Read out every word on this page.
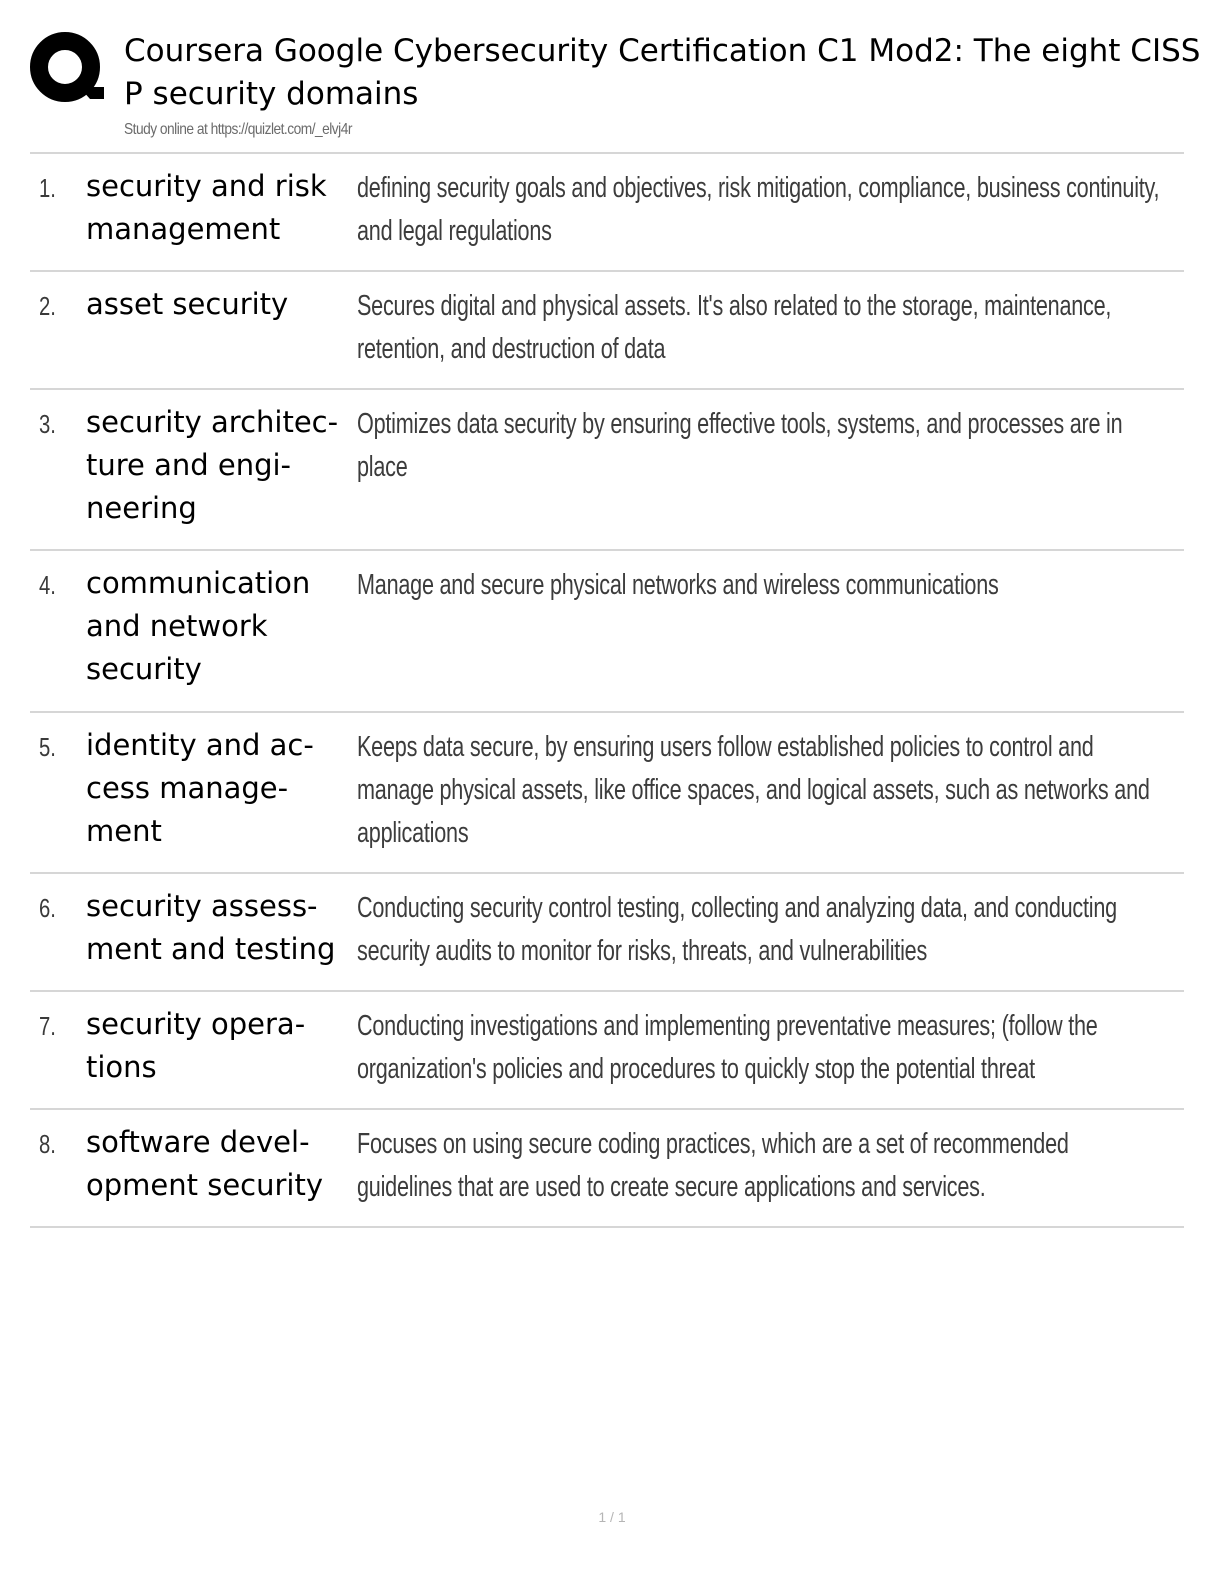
Coursera Google Cybersecurity Certification C1 Mod2: The eight CISSP security domains
Study online at https://quizlet.com/_elvj4r
1. security and risk management
defining security goals and objectives, risk mitigation, compliance, business continuity, and legal regulations
2. asset security	Secures digital and physical assets. It's also related to the storage, maintenance, retention, and destruction of data
3. security architec-
ture and engi-
neering
Optimizes data security by ensuring effective tools, systems, and processes are in place
4. communication
and network
security
Manage and secure physical networks and wireless communications
5. identity and ac-
cess manage-
ment
Keeps data secure, by ensuring users follow established policies to control and manage physical assets, like office spaces, and logical assets, such as networks and applications
6. security assess-
ment and testing
Conducting security control testing, collecting and analyzing data, and conducting security audits to monitor for risks, threats, and vulnerabilities
7. security opera-
tions
Conducting investigations and implementing preventative measures; (follow the organization's policies and procedures to quickly stop the potential threat
8. software devel-
opment security
Focuses on using secure coding practices, which are a set of recommended guidelines that are used to create secure applications and services.
1 / 1
